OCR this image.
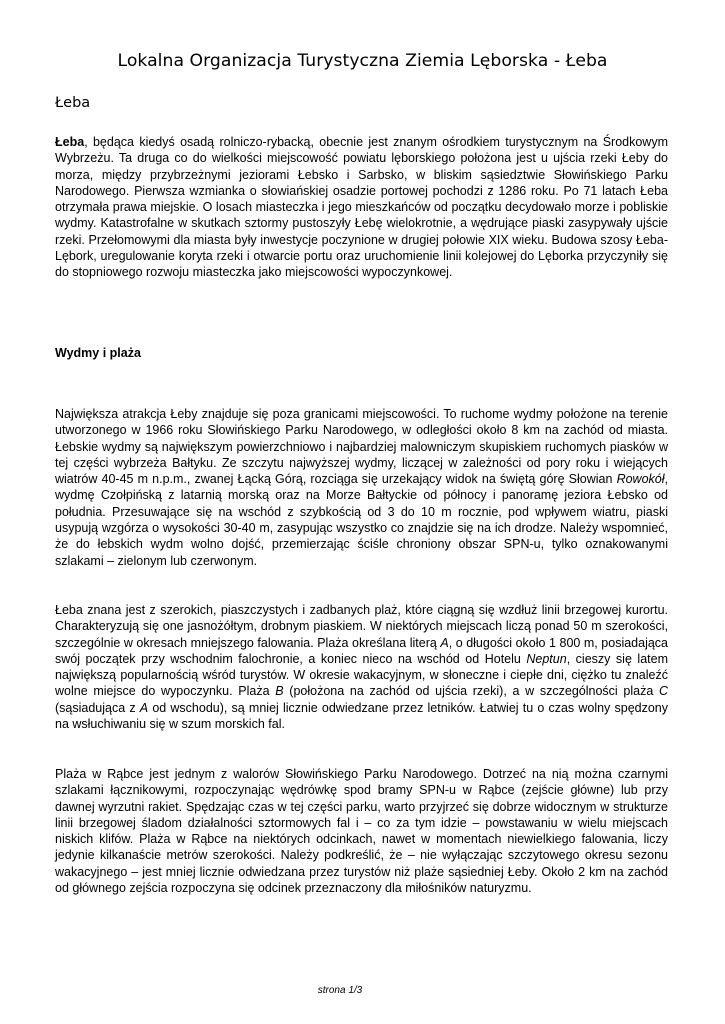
Lokalna Organizacja Turystyczna Ziemia Lęborska - Łeba
Łeba

Łeba, będąca kiedyś osadą rolniczo-rybacką, obecnie jest znanym ośrodkiem turystycznym na Środkowym Wybrzeżu. Ta druga co do wielkości miejscowość powiatu lęborskiego położona jest u ujścia rzeki Łeby do morza, między przybrzeżnymi jeziorami Łebsko i Sarbsko, w bliskim sąsiedztwie Słowińskiego Parku Narodowego. Pierwsza wzmianka o słowiańskiej osadzie portowej pochodzi z 1286 roku. Po 71 latach Łeba otrzymała prawa miejskie. O losach miasteczka i jego mieszkańców od początku decydowało morze i pobliskie wydmy. Katastrofalne w skutkach sztormy pustoszyły Łebę wielokrotnie, a wędrujące piaski zasypywały ujście rzeki. Przełomowymi dla miasta były inwestycje poczynione w drugiej połowie XIX wieku. Budowa szosy Łeba-Lębork, uregulowanie koryta rzeki i otwarcie portu oraz uruchomienie linii kolejowej do Lęborka przyczyniły się do stopniowego rozwoju miasteczka jako miejscowości wypoczynkowej.

Wydmy i plaża

Największa atrakcja Łeby znajduje się poza granicami miejscowości. To ruchome wydmy położone na terenie utworzonego w 1966 roku Słowińskiego Parku Narodowego, w odległości około 8 km na zachód od miasta. Łebskie wydmy są największym powierzchniowo i najbardziej malowniczym skupiskiem ruchomych piasków w tej części wybrzeża Bałtyku. Ze szczytu najwyższej wydmy, liczącej w zależności od pory roku i wiejących wiatrów 40-45 m n.p.m., zwanej Łącką Górą, rozciąga się urzekający widok na świętą górę Słowian Rowokół, wydmę Czołpińską z latarnią morską oraz na Morze Bałtyckie od północy i panoramę jeziora Łebsko od południa. Przesuwające się na wschód z szybkością od 3 do 10 m rocznie, pod wpływem wiatru, piaski usypują wzgórza o wysokości 30-40 m, zasypując wszystko co znajdzie się na ich drodze. Należy wspomnieć, że do łebskich wydm wolno dojść, przemierzając ściśle chroniony obszar SPN-u, tylko oznakowanymi szlakami – zielonym lub czerwonym.

Łeba znana jest z szerokich, piaszczystych i zadbanych plaż, które ciągną się wzdłuż linii brzegowej kurortu. Charakteryzują się one jasnożółtym, drobnym piaskiem. W niektórych miejscach liczą ponad 50 m szerokości, szczególnie w okresach mniejszego falowania. Plaża określana literą A, o długości około 1 800 m, posiadająca swój początek przy wschodnim falochronie, a koniec nieco na wschód od Hotelu Neptun, cieszy się latem największą popularnością wśród turystów. W okresie wakacyjnym, w słoneczne i ciepłe dni, ciężko tu znaleźć wolne miejsce do wypoczynku. Plaża B (położona na zachód od ujścia rzeki), a w szczególności plaża C (sąsiadująca z A od wschodu), są mniej licznie odwiedzane przez letników. Łatwiej tu o czas wolny spędzony na wsłuchiwaniu się w szum morskich fal.

Plaża w Rąbce jest jednym z walorów Słowińskiego Parku Narodowego. Dotrzeć na nią można czarnymi szlakami łącznikowymi, rozpoczynając wędrówkę spod bramy SPN-u w Rąbce (zejście główne) lub przy dawnej wyrzutni rakiet. Spędzając czas w tej części parku, warto przyjrzeć się dobrze widocznym w strukturze linii brzegowej śladom działalności sztormowych fal i – co za tym idzie – powstawaniu w wielu miejscach niskich klifów. Plaża w Rąbce na niektórych odcinkach, nawet w momentach niewielkiego falowania, liczy jedynie kilkanaście metrów szerokości. Należy podkreślić, że – nie wyłączając szczytowego okresu sezonu wakacyjnego – jest mniej licznie odwiedzana przez turystów niż plaże sąsiedniej Łeby. Około 2 km na zachód od głównego zejścia rozpoczyna się odcinek przeznaczony dla miłośników naturyzmu.

strona 1/3
